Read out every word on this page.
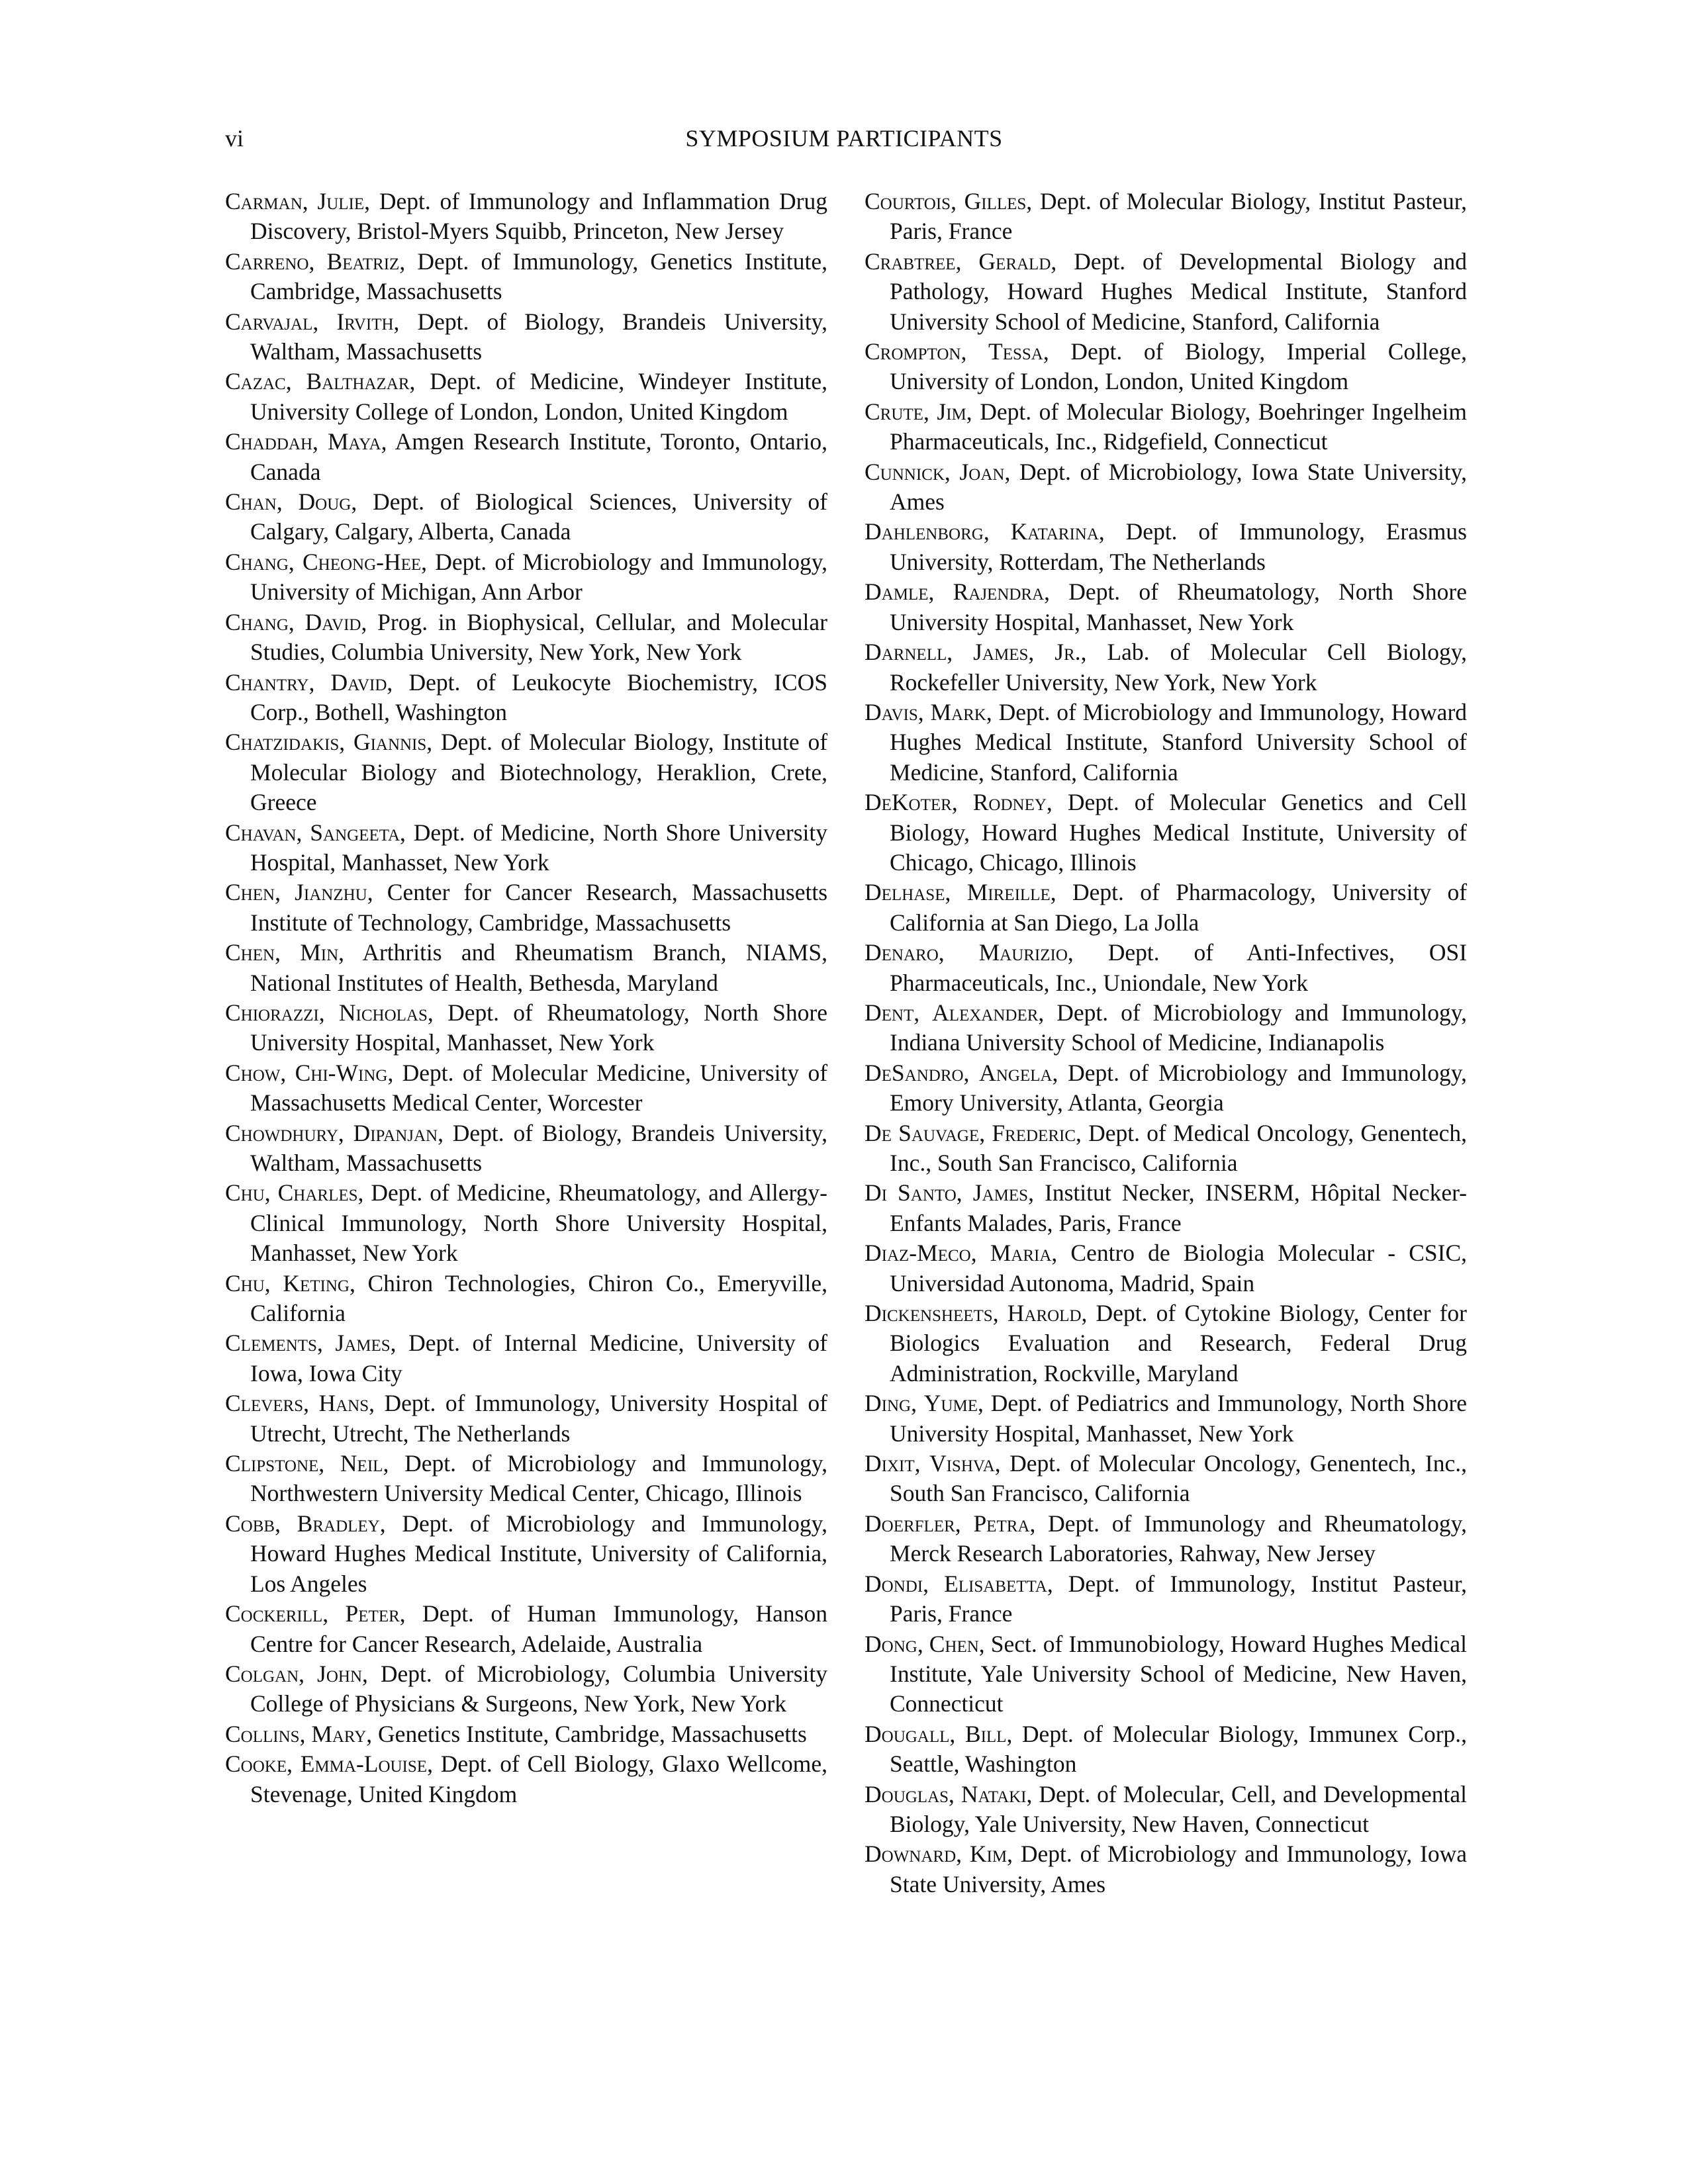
vi	SYMPOSIUM PARTICIPANTS

Carman, Julie, Dept. of Immunology and Inflammation Drug Discovery, Bristol-Myers Squibb, Princeton, New Jersey

Carreno, Beatriz, Dept. of Immunology, Genetics Institute, Cambridge, Massachusetts

Carvajal, Irvith, Dept. of Biology, Brandeis University, Waltham, Massachusetts

Cazac, Balthazar, Dept. of Medicine, Windeyer Institute, University College of London, London, United Kingdom

Chaddah, Maya, Amgen Research Institute, Toronto, Ontario, Canada

Chan, Doug, Dept. of Biological Sciences, University of Calgary, Calgary, Alberta, Canada

Chang, Cheong-Hee, Dept. of Microbiology and Immunology, University of Michigan, Ann Arbor

Chang, David, Prog. in Biophysical, Cellular, and Molecular Studies, Columbia University, New York, New York

Chantry, David, Dept. of Leukocyte Biochemistry, ICOS Corp., Bothell, Washington

Chatzidakis, Giannis, Dept. of Molecular Biology, Institute of Molecular Biology and Biotechnology, Heraklion, Crete, Greece

Chavan, Sangeeta, Dept. of Medicine, North Shore University Hospital, Manhasset, New York

Chen, Jianzhu, Center for Cancer Research, Massachusetts Institute of Technology, Cambridge, Massachusetts

Chen, Min, Arthritis and Rheumatism Branch, NIAMS, National Institutes of Health, Bethesda, Maryland

Chiorazzi, Nicholas, Dept. of Rheumatology, North Shore University Hospital, Manhasset, New York

Chow, Chi-Wing, Dept. of Molecular Medicine, University of Massachusetts Medical Center, Worcester

Chowdhury, Dipanjan, Dept. of Biology, Brandeis University, Waltham, Massachusetts

Chu, Charles, Dept. of Medicine, Rheumatology, and Allergy-Clinical Immunology, North Shore University Hospital, Manhasset, New York

Chu, Keting, Chiron Technologies, Chiron Co., Emeryville, California

Clements, James, Dept. of Internal Medicine, University of Iowa, Iowa City

Clevers, Hans, Dept. of Immunology, University Hospital of Utrecht, Utrecht, The Netherlands

Clipstone, Neil, Dept. of Microbiology and Immunology, Northwestern University Medical Center, Chicago, Illinois

Cobb, Bradley, Dept. of Microbiology and Immunology, Howard Hughes Medical Institute, University of California, Los Angeles

Cockerill, Peter, Dept. of Human Immunology, Hanson Centre for Cancer Research, Adelaide, Australia

Colgan, John, Dept. of Microbiology, Columbia University College of Physicians & Surgeons, New York, New York

Collins, Mary, Genetics Institute, Cambridge, Massachusetts

Cooke, Emma-Louise, Dept. of Cell Biology, Glaxo Wellcome, Stevenage, United Kingdom

Courtois, Gilles, Dept. of Molecular Biology, Institut Pasteur, Paris, France

Crabtree, Gerald, Dept. of Developmental Biology and Pathology, Howard Hughes Medical Institute, Stanford University School of Medicine, Stanford, California

Crompton, Tessa, Dept. of Biology, Imperial College, University of London, London, United Kingdom

Crute, Jim, Dept. of Molecular Biology, Boehringer Ingelheim Pharmaceuticals, Inc., Ridgefield, Connecticut

Cunnick, Joan, Dept. of Microbiology, Iowa State University, Ames

Dahlenborg, Katarina, Dept. of Immunology, Erasmus University, Rotterdam, The Netherlands

Damle, Rajendra, Dept. of Rheumatology, North Shore University Hospital, Manhasset, New York

Darnell, James, Jr., Lab. of Molecular Cell Biology, Rockefeller University, New York, New York

Davis, Mark, Dept. of Microbiology and Immunology, Howard Hughes Medical Institute, Stanford University School of Medicine, Stanford, California

DeKoter, Rodney, Dept. of Molecular Genetics and Cell Biology, Howard Hughes Medical Institute, University of Chicago, Chicago, Illinois

Delhase, Mireille, Dept. of Pharmacology, University of California at San Diego, La Jolla

Denaro, Maurizio, Dept. of Anti-Infectives, OSI Pharmaceuticals, Inc., Uniondale, New York

Dent, Alexander, Dept. of Microbiology and Immunology, Indiana University School of Medicine, Indianapolis

DeSandro, Angela, Dept. of Microbiology and Immunology, Emory University, Atlanta, Georgia

De Sauvage, Frederic, Dept. of Medical Oncology, Genentech, Inc., South San Francisco, California

Di Santo, James, Institut Necker, INSERM, Hôpital Necker-Enfants Malades, Paris, France

Diaz-Meco, Maria, Centro de Biologia Molecular - CSIC, Universidad Autonoma, Madrid, Spain

Dickensheets, Harold, Dept. of Cytokine Biology, Center for Biologics Evaluation and Research, Federal Drug Administration, Rockville, Maryland

Ding, Yume, Dept. of Pediatrics and Immunology, North Shore University Hospital, Manhasset, New York

Dixit, Vishva, Dept. of Molecular Oncology, Genentech, Inc., South San Francisco, California

Doerfler, Petra, Dept. of Immunology and Rheumatology, Merck Research Laboratories, Rahway, New Jersey

Dondi, Elisabetta, Dept. of Immunology, Institut Pasteur, Paris, France

Dong, Chen, Sect. of Immunobiology, Howard Hughes Medical Institute, Yale University School of Medicine, New Haven, Connecticut

Dougall, Bill, Dept. of Molecular Biology, Immunex Corp., Seattle, Washington

Douglas, Nataki, Dept. of Molecular, Cell, and Developmental Biology, Yale University, New Haven, Connecticut

Downard, Kim, Dept. of Microbiology and Immunology, Iowa State University, Ames
